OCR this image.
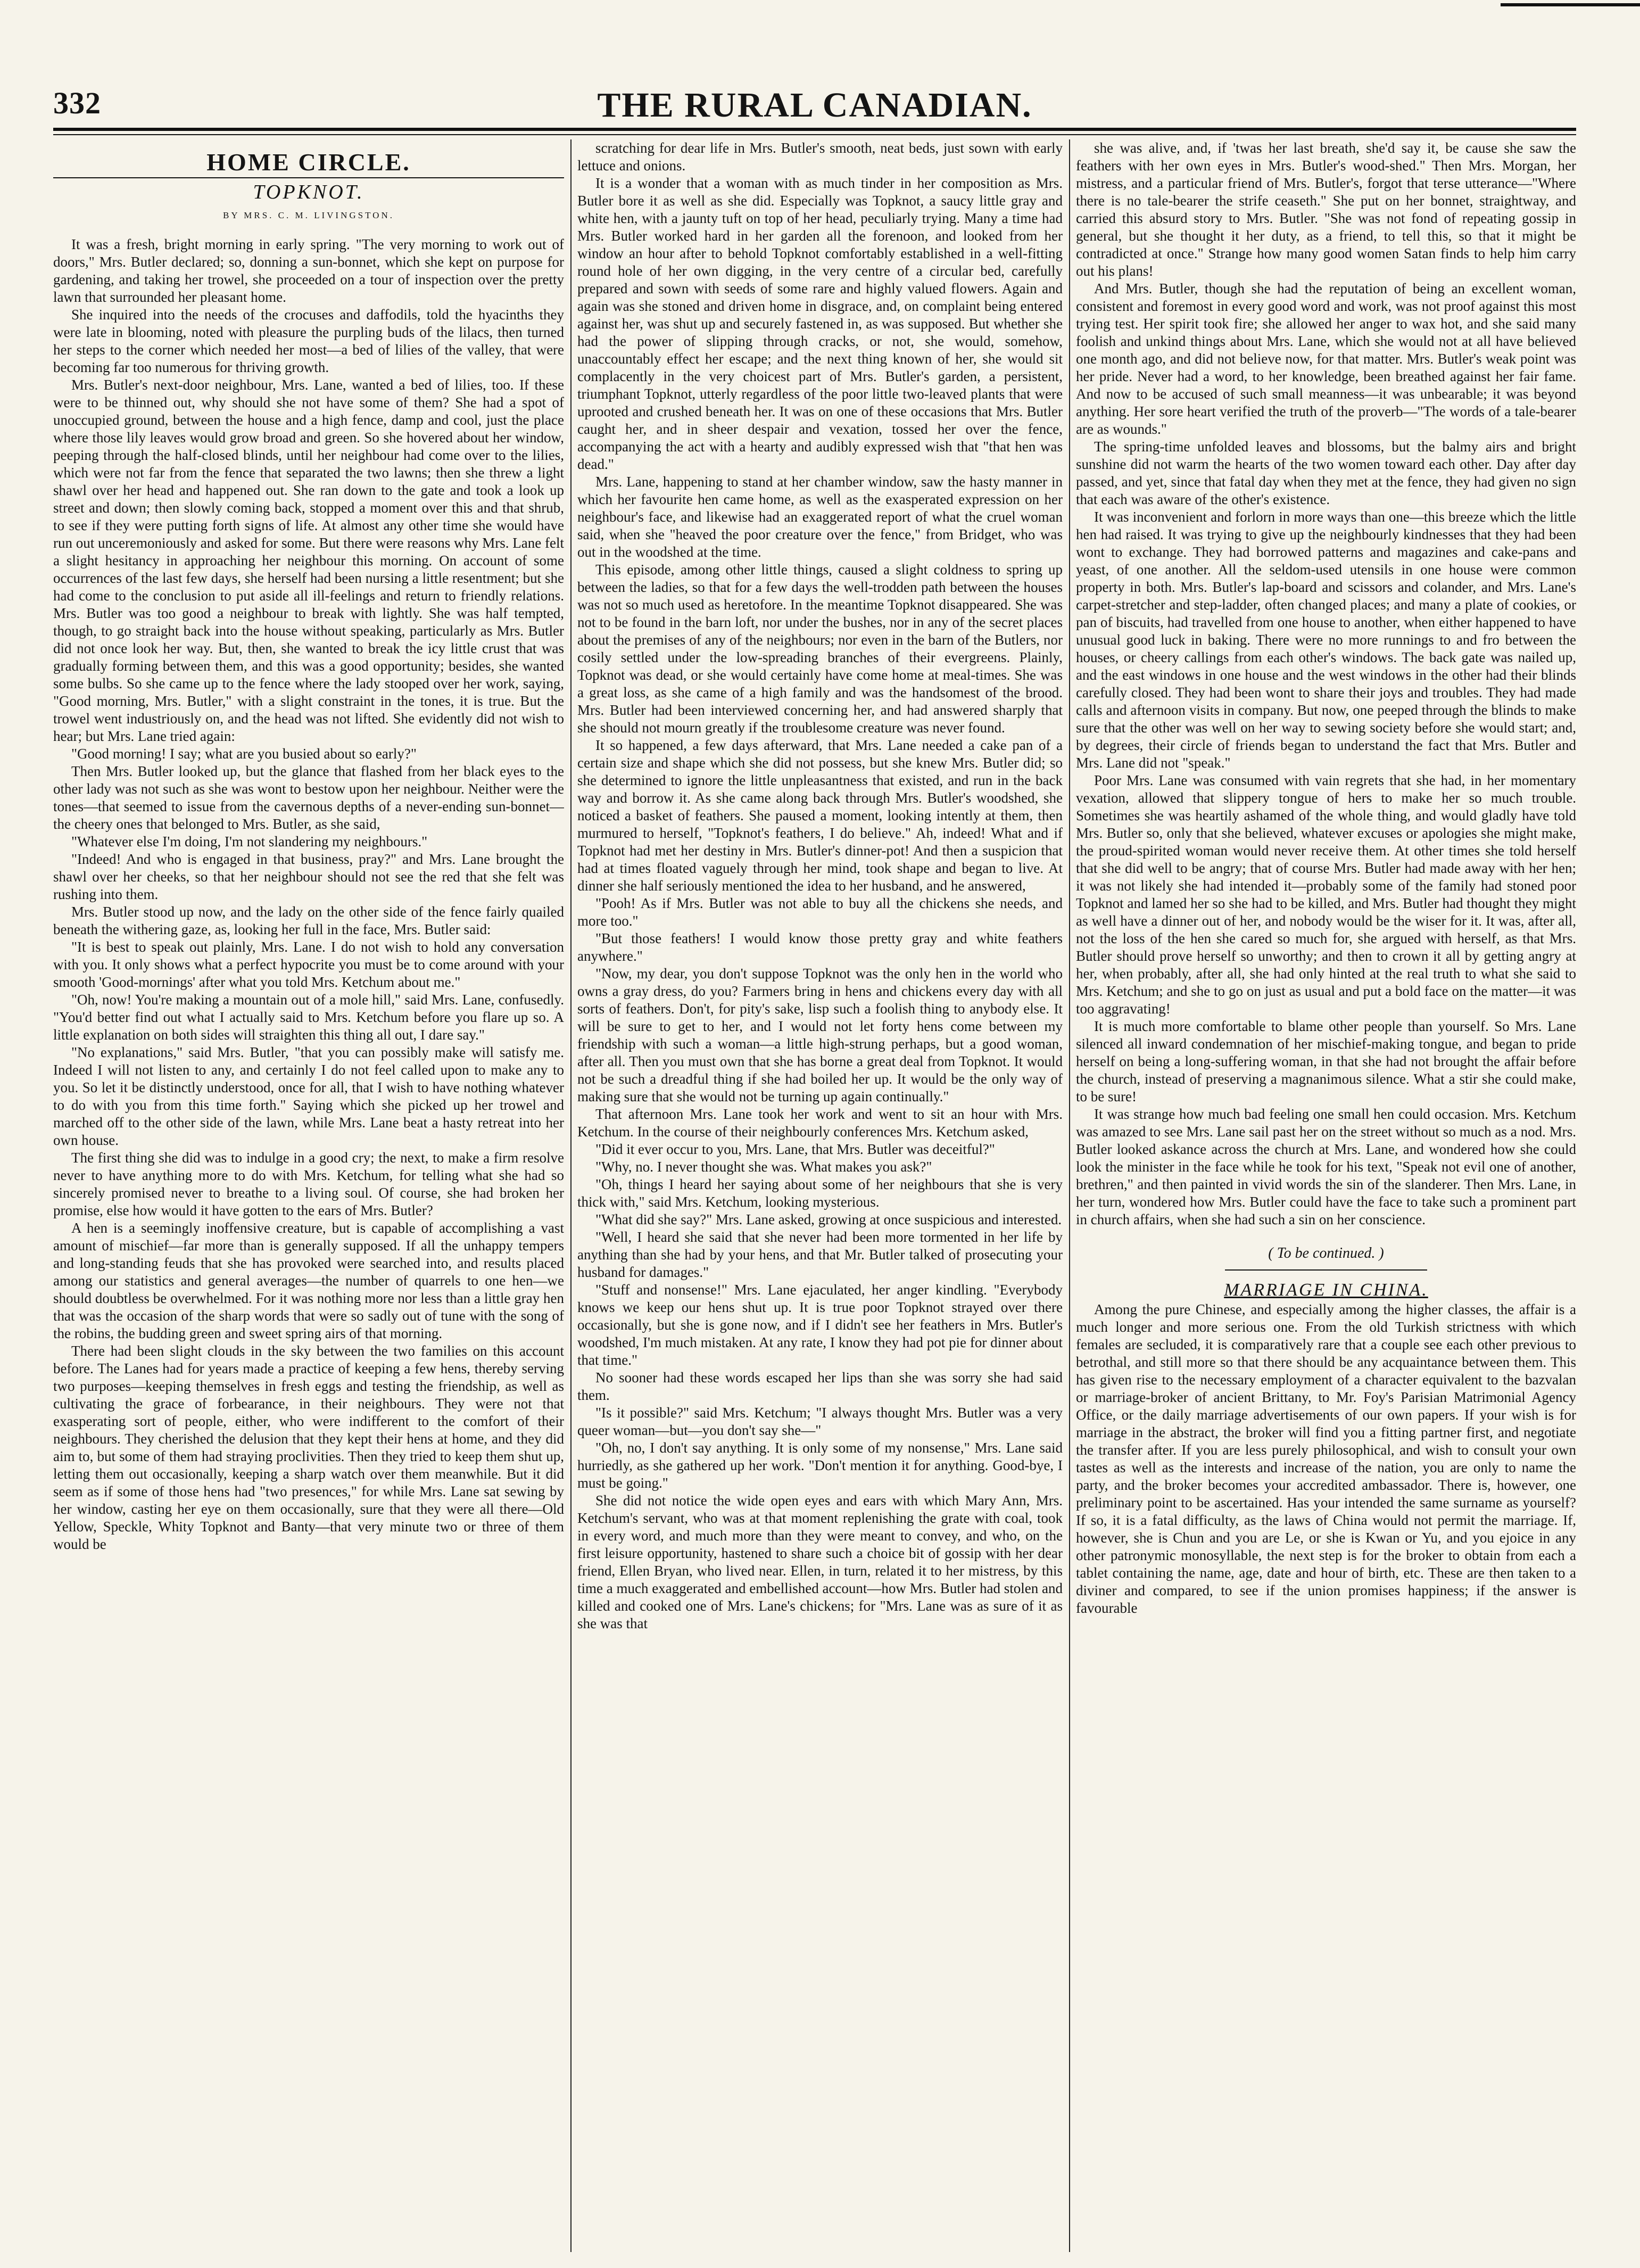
332	THE RURAL CANADIAN.
HOME CIRCLE.
TOPKNOT.
BY MRS. C. M. LIVINGSTON.

It was a fresh, bright morning in early spring. "The very morning to work out of doors," Mrs. Butler declared; so, donning a sun-bonnet, which she kept on purpose for gardening, and taking her trowel, she proceeded on a tour of inspection over the pretty lawn that surrounded her pleasant home.

She inquired into the needs of the crocuses and daffodils, told the hyacinths they were late in blooming, noted with pleasure the purpling buds of the lilacs, then turned her steps to the corner which needed her most—a bed of lilies of the valley, that were becoming far too numerous for thriving growth.

Mrs. Butler's next-door neighbour, Mrs. Lane, wanted a bed of lilies, too. If these were to be thinned out, why should she not have some of them? She had a spot of unoccupied ground, between the house and a high fence, damp and cool, just the place where those lily leaves would grow broad and green. So she hovered about her window, peeping through the half-closed blinds, until her neighbour had come over to the lilies, which were not far from the fence that separated the two lawns; then she threw a light shawl over her head and happened out. She ran down to the gate and took a look up street and down; then slowly coming back, stopped a moment over this and that shrub, to see if they were putting forth signs of life. At almost any other time she would have run out unceremoniously and asked for some. But there were reasons why Mrs. Lane felt a slight hesitancy in approaching her neighbour this morning. On account of some occurrences of the last few days, she herself had been nursing a little resentment; but she had come to the conclusion to put aside all ill-feelings and return to friendly relations. Mrs. Butler was too good a neighbour to break with lightly. She was half tempted, though, to go straight back into the house without speaking, particularly as Mrs. Butler did not once look her way. But, then, she wanted to break the icy little crust that was gradually forming between them, and this was a good opportunity; besides, she wanted some bulbs. So she came up to the fence where the lady stooped over her work, saying, "Good morning, Mrs. Butler," with a slight constraint in the tones, it is true. But the trowel went industriously on, and the head was not lifted. She evidently did not wish to hear; but Mrs. Lane tried again:

"Good morning! I say; what are you busied about so early?"

Then Mrs. Butler looked up, but the glance that flashed from her black eyes to the other lady was not such as she was wont to bestow upon her neighbour. Neither were the tones—that seemed to issue from the cavernous depths of a never-ending sun-bonnet—the cheery ones that belonged to Mrs. Butler, as she said,

"Whatever else I'm doing, I'm not slandering my neighbours."

"Indeed! And who is engaged in that business, pray?" and Mrs. Lane brought the shawl over her cheeks, so that her neighbour should not see the red that she felt was rushing into them.

Mrs. Butler stood up now, and the lady on the other side of the fence fairly quailed beneath the withering gaze, as, looking her full in the face, Mrs. Butler said:

"It is best to speak out plainly, Mrs. Lane. I do not wish to hold any conversation with you. It only shows what a perfect hypocrite you must be to come around with your smooth 'Good-mornings' after what you told Mrs. Ketchum about me."

"Oh, now! You're making a mountain out of a mole hill," said Mrs. Lane, confusedly. "You'd better find out what I actually said to Mrs. Ketchum before you flare up so. A little explanation on both sides will straighten this thing all out, I dare say."

"No explanations," said Mrs. Butler, "that you can possibly make will satisfy me. Indeed I will not listen to any, and certainly I do not feel called upon to make any to you. So let it be distinctly understood, once for all, that I wish to have nothing whatever to do with you from this time forth." Saying which she picked up her trowel and marched off to the other side of the lawn, while Mrs. Lane beat a hasty retreat into her own house.

The first thing she did was to indulge in a good cry; the next, to make a firm resolve never to have anything more to do with Mrs. Ketchum, for telling what she had so sincerely promised never to breathe to a living soul. Of course, she had broken her promise, else how would it have gotten to the ears of Mrs. Butler?

A hen is a seemingly inoffensive creature, but is capable of accomplishing a vast amount of mischief—far more than is generally supposed. If all the unhappy tempers and long-standing feuds that she has provoked were searched into, and results placed among our statistics and general averages—the number of quarrels to one hen—we should doubtless be overwhelmed. For it was nothing more nor less than a little gray hen that was the occasion of the sharp words that were so sadly out of tune with the song of the robins, the budding green and sweet spring airs of that morning.

There had been slight clouds in the sky between the two families on this account before. The Lanes had for years made a practice of keeping a few hens, thereby serving two purposes—keeping themselves in fresh eggs and testing the friendship, as well as cultivating the grace of forbearance, in their neighbours. They were not that exasperating sort of people, either, who were indifferent to the comfort of their neighbours. They cherished the delusion that they kept their hens at home, and they did aim to, but some of them had straying proclivities. Then they tried to keep them shut up, letting them out occasionally, keeping a sharp watch over them meanwhile. But it did seem as if some of those hens had "two presences," for while Mrs. Lane sat sewing by her window, casting her eye on them occasionally, sure that they were all there—Old Yellow, Speckle, Whity Topknot and Banty—that very minute two or three of them would be

scratching for dear life in Mrs. Butler's smooth, neat beds, just sown with early lettuce and onions.

It is a wonder that a woman with as much tinder in her composition as Mrs. Butler bore it as well as she did. Especially was Topknot, a saucy little gray and white hen, with a jaunty tuft on top of her head, peculiarly trying. Many a time had Mrs. Butler worked hard in her garden all the forenoon, and looked from her window an hour after to behold Topknot comfortably established in a well-fitting round hole of her own digging, in the very centre of a circular bed, carefully prepared and sown with seeds of some rare and highly valued flowers. Again and again was she stoned and driven home in disgrace, and, on complaint being entered against her, was shut up and securely fastened in, as was supposed. But whether she had the power of slipping through cracks, or not, she would, somehow, unaccountably effect her escape; and the next thing known of her, she would sit complacently in the very choicest part of Mrs. Butler's garden, a persistent, triumphant Topknot, utterly regardless of the poor little two-leaved plants that were uprooted and crushed beneath her. It was on one of these occasions that Mrs. Butler caught her, and in sheer despair and vexation, tossed her over the fence, accompanying the act with a hearty and audibly expressed wish that "that hen was dead."

Mrs. Lane, happening to stand at her chamber window, saw the hasty manner in which her favourite hen came home, as well as the exasperated expression on her neighbour's face, and likewise had an exaggerated report of what the cruel woman said, when she "heaved the poor creature over the fence," from Bridget, who was out in the woodshed at the time.

This episode, among other little things, caused a slight coldness to spring up between the ladies, so that for a few days the well-trodden path between the houses was not so much used as heretofore. In the meantime Topknot disappeared. She was not to be found in the barn loft, nor under the bushes, nor in any of the secret places about the premises of any of the neighbours; nor even in the barn of the Butlers, nor cosily settled under the low-spreading branches of their evergreens. Plainly, Topknot was dead, or she would certainly have come home at meal-times. She was a great loss, as she came of a high family and was the handsomest of the brood. Mrs. Butler had been interviewed concerning her, and had answered sharply that she should not mourn greatly if the troublesome creature was never found.

It so happened, a few days afterward, that Mrs. Lane needed a cake pan of a certain size and shape which she did not possess, but she knew Mrs. Butler did; so she determined to ignore the little unpleasantness that existed, and run in the back way and borrow it. As she came along back through Mrs. Butler's woodshed, she noticed a basket of feathers. She paused a moment, looking intently at them, then murmured to herself, "Topknot's feathers, I do believe." Ah, indeed! What and if Topknot had met her destiny in Mrs. Butler's dinner-pot! And then a suspicion that had at times floated vaguely through her mind, took shape and began to live. At dinner she half seriously mentioned the idea to her husband, and he answered,

"Pooh! As if Mrs. Butler was not able to buy all the chickens she needs, and more too."

"But those feathers! I would know those pretty gray and white feathers anywhere."

"Now, my dear, you don't suppose Topknot was the only hen in the world who owns a gray dress, do you? Farmers bring in hens and chickens every day with all sorts of feathers. Don't, for pity's sake, lisp such a foolish thing to anybody else. It will be sure to get to her, and I would not let forty hens come between my friendship with such a woman—a little high-strung perhaps, but a good woman, after all. Then you must own that she has borne a great deal from Topknot. It would not be such a dreadful thing if she had boiled her up. It would be the only way of making sure that she would not be turning up again continually."

That afternoon Mrs. Lane took her work and went to sit an hour with Mrs. Ketchum. In the course of their neighbourly conferences Mrs. Ketchum asked,

"Did it ever occur to you, Mrs. Lane, that Mrs. Butler was deceitful?"

"Why, no. I never thought she was. What makes you ask?"

"Oh, things I heard her saying about some of her neighbours that she is very thick with," said Mrs. Ketchum, looking mysterious.

"What did she say?" Mrs. Lane asked, growing at once suspicious and interested.

"Well, I heard she said that she never had been more tormented in her life by anything than she had by your hens, and that Mr. Butler talked of prosecuting your husband for damages."

"Stuff and nonsense!" Mrs. Lane ejaculated, her anger kindling. "Everybody knows we keep our hens shut up. It is true poor Topknot strayed over there occasionally, but she is gone now, and if I didn't see her feathers in Mrs. Butler's woodshed, I'm much mistaken. At any rate, I know they had pot pie for dinner about that time."

No sooner had these words escaped her lips than she was sorry she had said them.

"Is it possible?" said Mrs. Ketchum; "I always thought Mrs. Butler was a very queer woman—but—you don't say she—"

"Oh, no, I don't say anything. It is only some of my nonsense," Mrs. Lane said hurriedly, as she gathered up her work. "Don't mention it for anything. Good-bye, I must be going."

She did not notice the wide open eyes and ears with which Mary Ann, Mrs. Ketchum's servant, who was at that moment replenishing the grate with coal, took in every word, and much more than they were meant to convey, and who, on the first leisure opportunity, hastened to share such a choice bit of gossip with her dear friend, Ellen Bryan, who lived near. Ellen, in turn, related it to her mistress, by this time a much exaggerated and embellished account—how Mrs. Butler had stolen and killed and cooked one of Mrs. Lane's chickens; for "Mrs. Lane was as sure of it as she was that

she was alive, and, if 'twas her last breath, she'd say it, be cause she saw the feathers with her own eyes in Mrs. Butler's wood-shed." Then Mrs. Morgan, her mistress, and a particular friend of Mrs. Butler's, forgot that terse utterance—"Where there is no tale-bearer the strife ceaseth." She put on her bonnet, straightway, and carried this absurd story to Mrs. Butler. "She was not fond of repeating gossip in general, but she thought it her duty, as a friend, to tell this, so that it might be contradicted at once." Strange how many good women Satan finds to help him carry out his plans!

And Mrs. Butler, though she had the reputation of being an excellent woman, consistent and foremost in every good word and work, was not proof against this most trying test. Her spirit took fire; she allowed her anger to wax hot, and she said many foolish and unkind things about Mrs. Lane, which she would not at all have believed one month ago, and did not believe now, for that matter. Mrs. Butler's weak point was her pride. Never had a word, to her knowledge, been breathed against her fair fame. And now to be accused of such small meanness—it was unbearable; it was beyond anything. Her sore heart verified the truth of the proverb—"The words of a tale-bearer are as wounds."

The spring-time unfolded leaves and blossoms, but the balmy airs and bright sunshine did not warm the hearts of the two women toward each other. Day after day passed, and yet, since that fatal day when they met at the fence, they had given no sign that each was aware of the other's existence.

It was inconvenient and forlorn in more ways than one—this breeze which the little hen had raised. It was trying to give up the neighbourly kindnesses that they had been wont to exchange. They had borrowed patterns and magazines and cake-pans and yeast, of one another. All the seldom-used utensils in one house were common property in both. Mrs. Butler's lap-board and scissors and colander, and Mrs. Lane's carpet-stretcher and step-ladder, often changed places; and many a plate of cookies, or pan of biscuits, had travelled from one house to another, when either happened to have unusual good luck in baking. There were no more runnings to and fro between the houses, or cheery callings from each other's windows. The back gate was nailed up, and the east windows in one house and the west windows in the other had their blinds carefully closed. They had been wont to share their joys and troubles. They had made calls and afternoon visits in company. But now, one peeped through the blinds to make sure that the other was well on her way to sewing society before she would start; and, by degrees, their circle of friends began to understand the fact that Mrs. Butler and Mrs. Lane did not "speak."

Poor Mrs. Lane was consumed with vain regrets that she had, in her momentary vexation, allowed that slippery tongue of hers to make her so much trouble. Sometimes she was heartily ashamed of the whole thing, and would gladly have told Mrs. Butler so, only that she believed, whatever excuses or apologies she might make, the proud-spirited woman would never receive them. At other times she told herself that she did well to be angry; that of course Mrs. Butler had made away with her hen; it was not likely she had intended it—probably some of the family had stoned poor Topknot and lamed her so she had to be killed, and Mrs. Butler had thought they might as well have a dinner out of her, and nobody would be the wiser for it. It was, after all, not the loss of the hen she cared so much for, she argued with herself, as that Mrs. Butler should prove herself so unworthy; and then to crown it all by getting angry at her, when probably, after all, she had only hinted at the real truth to what she said to Mrs. Ketchum; and she to go on just as usual and put a bold face on the matter—it was too aggravating!

It is much more comfortable to blame other people than yourself. So Mrs. Lane silenced all inward condemnation of her mischief-making tongue, and began to pride herself on being a long-suffering woman, in that she had not brought the affair before the church, instead of preserving a magnanimous silence. What a stir she could make, to be sure!

It was strange how much bad feeling one small hen could occasion. Mrs. Ketchum was amazed to see Mrs. Lane sail past her on the street without so much as a nod. Mrs. Butler looked askance across the church at Mrs. Lane, and wondered how she could look the minister in the face while he took for his text, "Speak not evil one of another, brethren," and then painted in vivid words the sin of the slanderer. Then Mrs. Lane, in her turn, wondered how Mrs. Butler could have the face to take such a prominent part in church affairs, when she had such a sin on her conscience.

( To be continued. )
MARRIAGE IN CHINA.

Among the pure Chinese, and especially among the higher classes, the affair is a much longer and more serious one. From the old Turkish strictness with which females are secluded, it is comparatively rare that a couple see each other previous to betrothal, and still more so that there should be any acquaintance between them. This has given rise to the necessary employment of a character equivalent to the bazvalan or marriage-broker of ancient Brittany, to Mr. Foy's Parisian Matrimonial Agency Office, or the daily marriage advertisements of our own papers. If your wish is for marriage in the abstract, the broker will find you a fitting partner first, and negotiate the transfer after. If you are less purely philosophical, and wish to consult your own tastes as well as the interests and increase of the nation, you are only to name the party, and the broker becomes your accredited ambassador. There is, however, one preliminary point to be ascertained. Has your intended the same surname as yourself? If so, it is a fatal difficulty, as the laws of China would not permit the marriage. If, however, she is Chun and you are Le, or she is Kwan or Yu, and you ejoice in any other patronymic monosyllable, the next step is for the broker to obtain from each a tablet containing the name, age, date and hour of birth, etc. These are then taken to a diviner and compared, to see if the union promises happiness; if the answer is favourable
